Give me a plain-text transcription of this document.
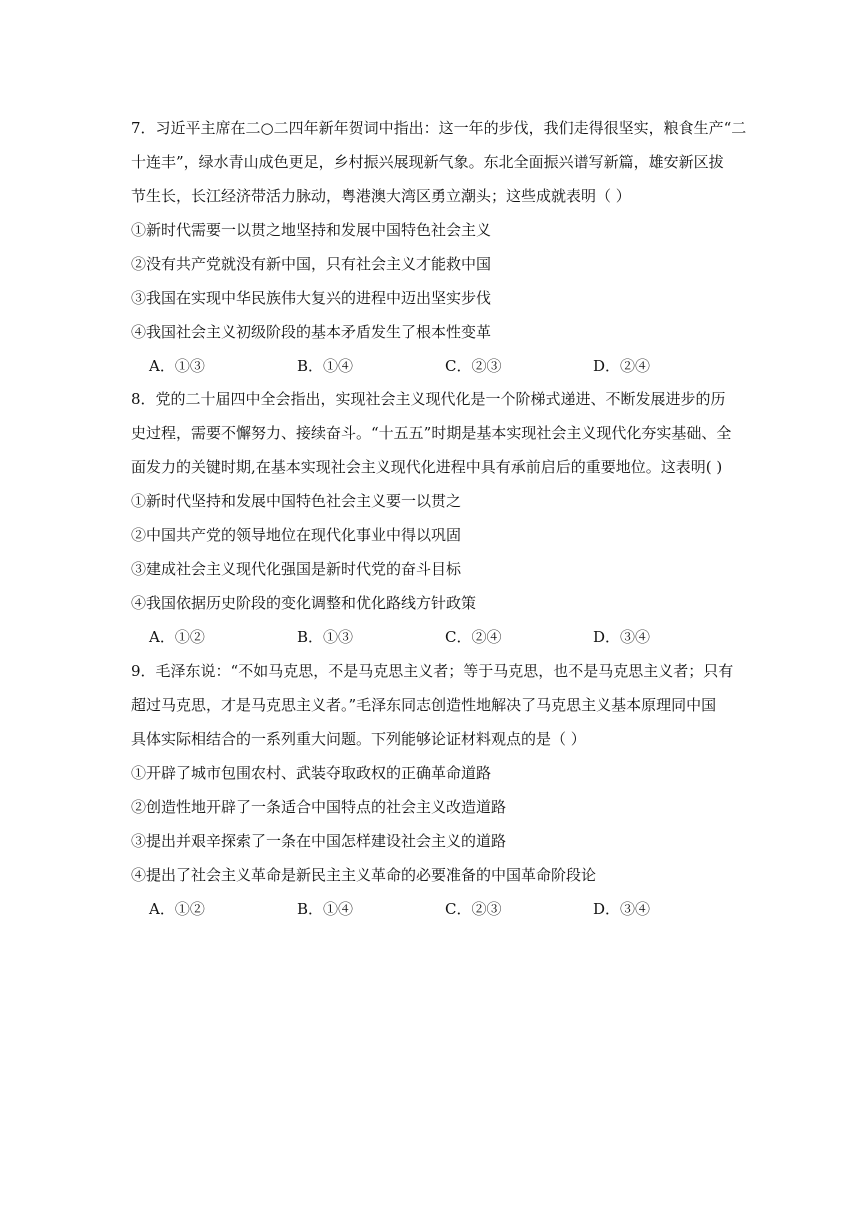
7．习近平主席在二○二四年新年贺词中指出：这一年的步伐，我们走得很坚实，粮食生产“二
十连丰”，绿水青山成色更足，乡村振兴展现新气象。东北全面振兴谱写新篇，雄安新区拔
节生长，长江经济带活力脉动，粤港澳大湾区勇立潮头；这些成就表明（ ）
①新时代需要一以贯之地坚持和发展中国特色社会主义
②没有共产党就没有新中国，只有社会主义才能救中国
③我国在实现中华民族伟大复兴的进程中迈出坚实步伐
④我国社会主义初级阶段的基本矛盾发生了根本性变革
A．①③	B．①④	C．②③	D．②④
8．党的二十届四中全会指出，实现社会主义现代化是一个阶梯式递进、不断发展进步的历
史过程，需要不懈努力、接续奋斗。“十五五”时期是基本实现社会主义现代化夯实基础、全
面发力的关键时期,在基本实现社会主义现代化进程中具有承前启后的重要地位。这表明( )
①新时代坚持和发展中国特色社会主义要一以贯之
②中国共产党的领导地位在现代化事业中得以巩固
③建成社会主义现代化强国是新时代党的奋斗目标
④我国依据历史阶段的变化调整和优化路线方针政策
A．①②	B．①③	C．②④	D．③④
9．毛泽东说：“不如马克思，不是马克思主义者；等于马克思，也不是马克思主义者；只有
超过马克思，才是马克思主义者。”毛泽东同志创造性地解决了马克思主义基本原理同中国
具体实际相结合的一系列重大问题。下列能够论证材料观点的是（ ）
①开辟了城市包围农村、武装夺取政权的正确革命道路
②创造性地开辟了一条适合中国特点的社会主义改造道路
③提出并艰辛探索了一条在中国怎样建设社会主义的道路
④提出了社会主义革命是新民主主义革命的必要准备的中国革命阶段论
A．①②	B．①④	C．②③	D．③④
